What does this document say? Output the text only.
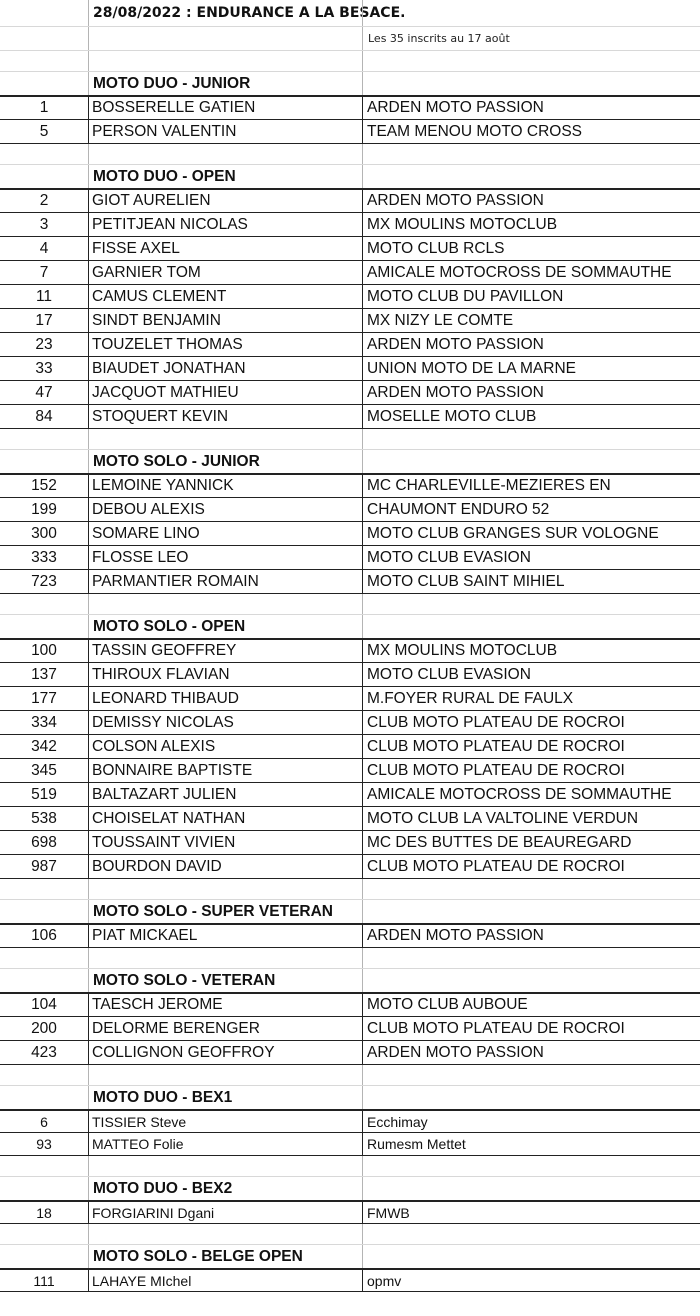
28/08/2022 : ENDURANCE A LA BESACE.
Les 35 inscrits au 17 août
MOTO DUO - JUNIOR
1	BOSSERELLE GATIEN	ARDEN MOTO PASSION
5	PERSON VALENTIN	TEAM MENOU MOTO CROSS
MOTO DUO - OPEN
2	GIOT AURELIEN	ARDEN MOTO PASSION
3	PETITJEAN NICOLAS	MX MOULINS MOTOCLUB
4	FISSE AXEL	MOTO CLUB RCLS
7	GARNIER TOM	AMICALE MOTOCROSS DE SOMMAUTHE
11	CAMUS CLEMENT	MOTO CLUB DU PAVILLON
17	SINDT BENJAMIN	MX NIZY LE COMTE
23	TOUZELET THOMAS	ARDEN MOTO PASSION
33	BIAUDET JONATHAN	UNION MOTO DE LA MARNE
47	JACQUOT MATHIEU	ARDEN MOTO PASSION
84	STOQUERT KEVIN	MOSELLE MOTO CLUB
MOTO SOLO - JUNIOR
152	LEMOINE YANNICK	MC CHARLEVILLE-MEZIERES EN
199	DEBOU ALEXIS	CHAUMONT ENDURO 52
300	SOMARE LINO	MOTO CLUB GRANGES SUR VOLOGNE
333	FLOSSE LEO	MOTO CLUB EVASION
723	PARMANTIER ROMAIN	MOTO CLUB SAINT MIHIEL
MOTO SOLO - OPEN
100	TASSIN GEOFFREY	MX MOULINS MOTOCLUB
137	THIROUX FLAVIAN	MOTO CLUB EVASION
177	LEONARD THIBAUD	M.FOYER RURAL DE FAULX
334	DEMISSY NICOLAS	CLUB MOTO PLATEAU DE ROCROI
342	COLSON ALEXIS	CLUB MOTO PLATEAU DE ROCROI
345	BONNAIRE BAPTISTE	CLUB MOTO PLATEAU DE ROCROI
519	BALTAZART JULIEN	AMICALE MOTOCROSS DE SOMMAUTHE
538	CHOISELAT NATHAN	MOTO CLUB LA VALTOLINE VERDUN
698	TOUSSAINT VIVIEN	MC DES BUTTES DE BEAUREGARD
987	BOURDON DAVID	CLUB MOTO PLATEAU DE ROCROI
MOTO SOLO - SUPER VETERAN
106	PIAT MICKAEL	ARDEN MOTO PASSION
MOTO SOLO - VETERAN
104	TAESCH JEROME	MOTO CLUB AUBOUE
200	DELORME BERENGER	CLUB MOTO PLATEAU DE ROCROI
423	COLLIGNON GEOFFROY	ARDEN MOTO PASSION
MOTO DUO - BEX1
6	TISSIER Steve	Ecchimay
93	MATTEO Folie	Rumesm Mettet
MOTO DUO - BEX2
18	FORGIARINI Dgani	FMWB
MOTO SOLO - BELGE OPEN
111	LAHAYE MIchel	opmv
